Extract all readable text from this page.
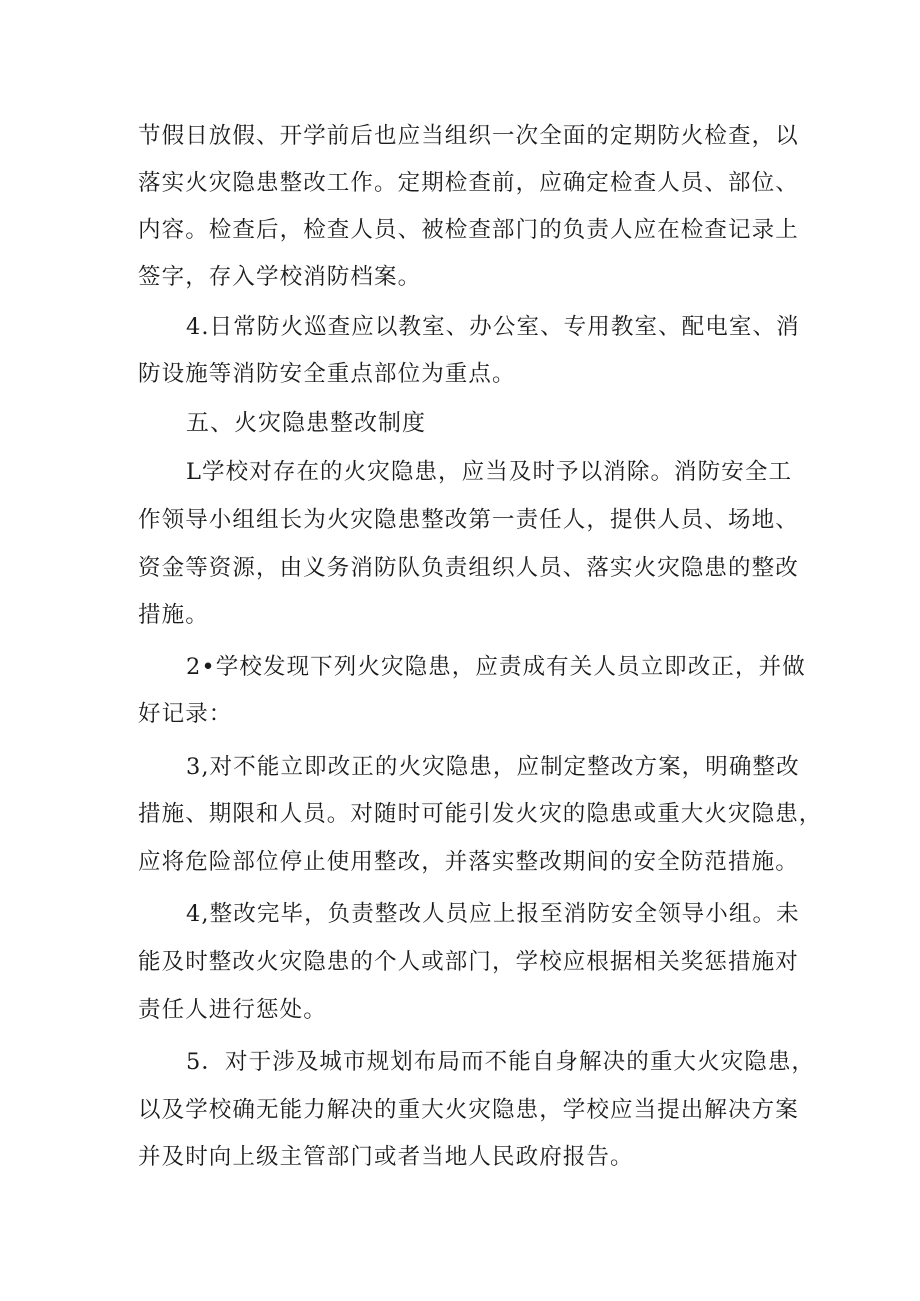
节假日放假、开学前后也应当组织一次全面的定期防火检查，以
落实火灾隐患整改工作。定期检查前，应确定检查人员、部位、
内容。检查后，检查人员、被检查部门的负责人应在检查记录上
签字，存入学校消防档案。
4.日常防火巡查应以教室、办公室、专用教室、配电室、消
防设施等消防安全重点部位为重点。
五、火灾隐患整改制度
L学校对存在的火灾隐患，应当及时予以消除。消防安全工
作领导小组组长为火灾隐患整改第一责任人，提供人员、场地、
资金等资源，由义务消防队负责组织人员、落实火灾隐患的整改
措施。
2•学校发现下列火灾隐患，应责成有关人员立即改正，并做
好记录：
3,对不能立即改正的火灾隐患，应制定整改方案，明确整改
措施、期限和人员。对随时可能引发火灾的隐患或重大火灾隐患，
应将危险部位停止使用整改，并落实整改期间的安全防范措施。
4,整改完毕，负责整改人员应上报至消防安全领导小组。未
能及时整改火灾隐患的个人或部门，学校应根据相关奖惩措施对
责任人进行惩处。
5．对于涉及城市规划布局而不能自身解决的重大火灾隐患，
以及学校确无能力解决的重大火灾隐患，学校应当提出解决方案
并及时向上级主管部门或者当地人民政府报告。
